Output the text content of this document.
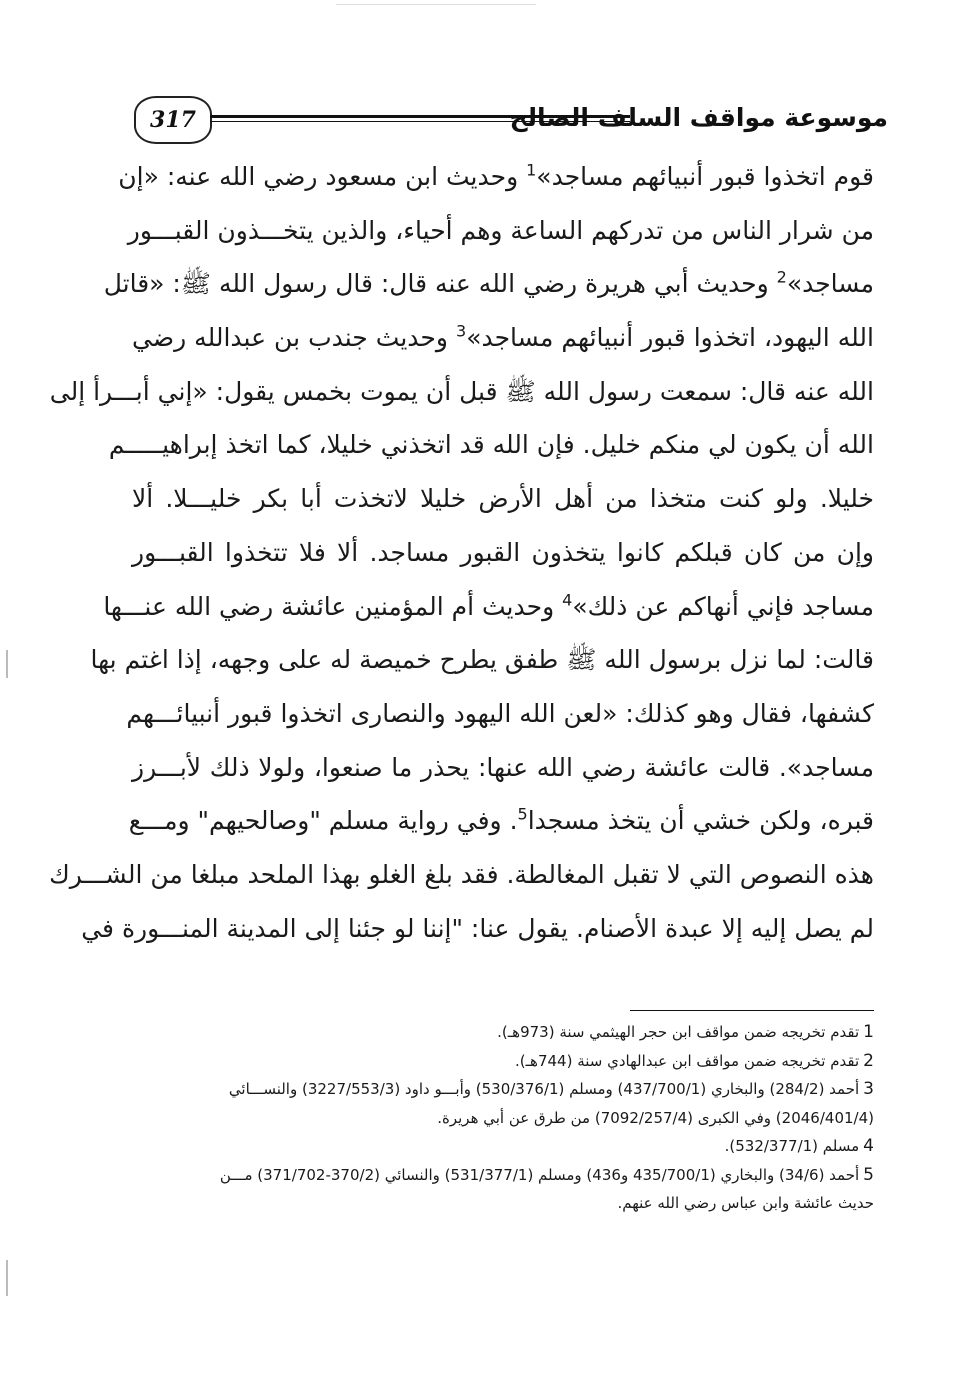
317	موسوعة مواقف السلف الصالح
قوم اتخذوا قبور أنبيائهم مساجد»$^1$ وحديث ابن مسعود رضي الله عنه: «إن
من شرار الناس من تدركهم الساعة وهم أحياء، والذين يتخـــذون القبـــور
مساجد»$^2$ وحديث أبي هريرة رضي الله عنه قال: قال رسول الله ﷺ: «قاتل
الله اليهود، اتخذوا قبور أنبيائهم مساجد»$^3$ وحديث جندب بن عبدالله رضي
الله عنه قال: سمعت رسول الله ﷺ قبل أن يموت بخمس يقول: «إني أبـــرأ إلى
الله أن يكون لي منكم خليل. فإن الله قد اتخذني خليلا، كما اتخذ إبراهيـــــم
خليلا. ولو كنت متخذا من أهل الأرض خليلا لاتخذت أبا بكر خليـــلا. ألا
وإن من كان قبلكم كانوا يتخذون القبور مساجد. ألا فلا تتخذوا القبـــور
مساجد فإني أنهاكم عن ذلك»$^4$ وحديث أم المؤمنين عائشة رضي الله عنـــها
قالت: لما نزل برسول الله ﷺ طفق يطرح خميصة له على وجهه، إذا اغتم بها
كشفها، فقال وهو كذلك: «لعن الله اليهود والنصارى اتخذوا قبور أنبيائـــهم
مساجد». قالت عائشة رضي الله عنها: يحذر ما صنعوا، ولولا ذلك لأبـــرز
قبره، ولكن خشي أن يتخذ مسجدا$^5$. وفي رواية مسلم "وصالحيهم" ومـــع
هذه النصوص التي لا تقبل المغالطة. فقد بلغ الغلو بهذا الملحد مبلغا من الشـــرك
لم يصل إليه إلا عبدة الأصنام. يقول عنا: "إننا لو جئنا إلى المدينة المنـــورة في
1تقدم تخريجه ضمن مواقف ابن حجر الهيثمي سنة (973هـ).
2تقدم تخريجه ضمن مواقف ابن عبدالهادي سنة (744هـ).
3أحمد (284/2) والبخاري (437/700/1) ومسلم (530/376/1) وأبـــو داود (3227/553/3) والنســـائي
(2046/401/4) وفي الكبرى (7092/257/4) من طرق عن أبي هريرة.
4مسلم (532/377/1).
5أحمد (34/6) والبخاري (435/700/1 و436) ومسلم (531/377/1) والنسائي (370/2-371/702) مـــن
حديث عائشة وابن عباس رضي الله عنهم.
